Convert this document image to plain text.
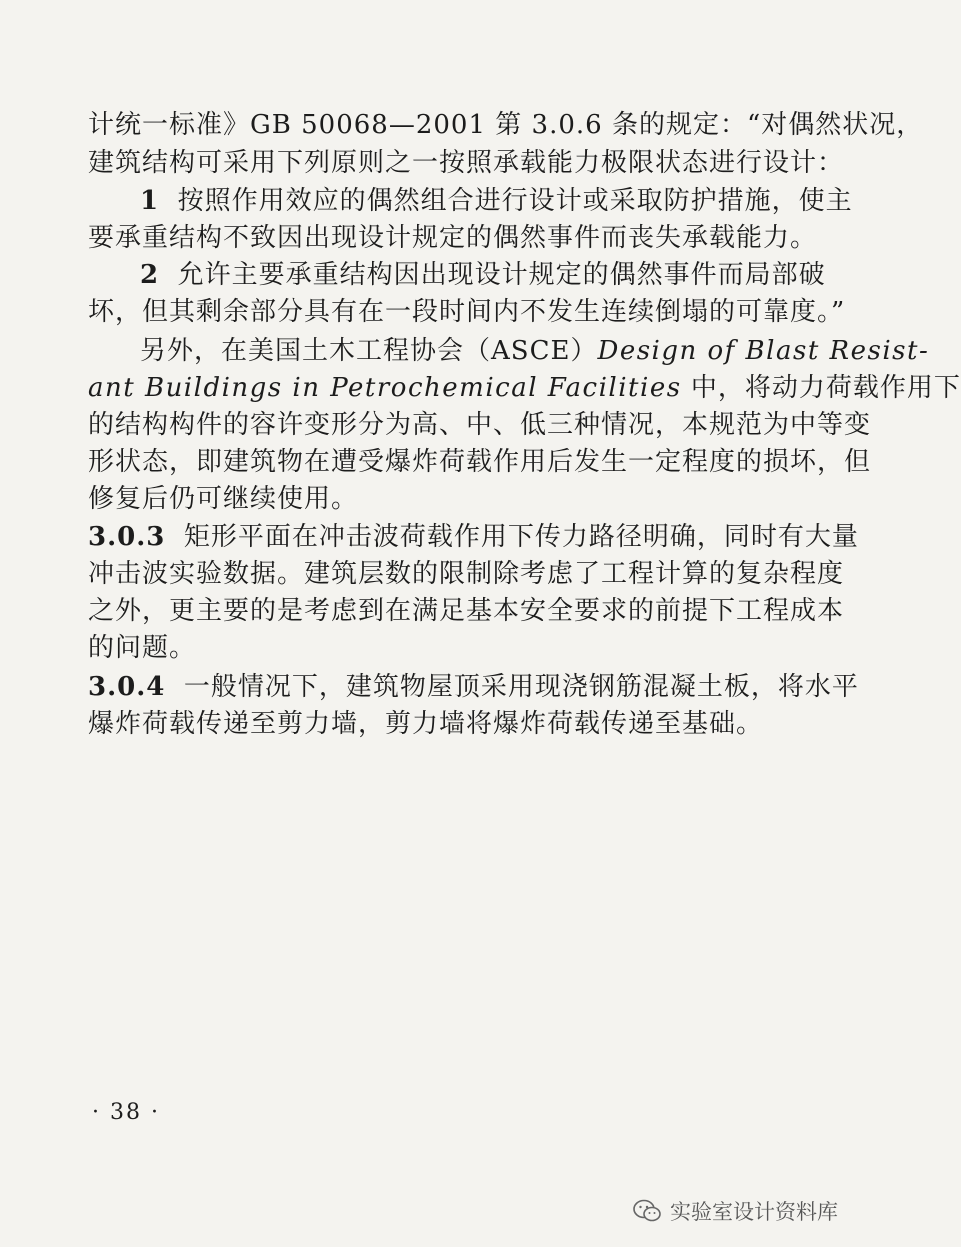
计统一标准》GB 50068—2001 第 3.0.6 条的规定：“对偶然状况，
建筑结构可采用下列原则之一按照承载能力极限状态进行设计：
1 按照作用效应的偶然组合进行设计或采取防护措施，使主
要承重结构不致因出现设计规定的偶然事件而丧失承载能力。
2 允许主要承重结构因出现设计规定的偶然事件而局部破
坏，但其剩余部分具有在一段时间内不发生连续倒塌的可靠度。”
另外，在美国土木工程协会（ASCE）Design of Blast Resist-
ant Buildings in Petrochemical Facilities 中，将动力荷载作用下
的结构构件的容许变形分为高、中、低三种情况，本规范为中等变
形状态，即建筑物在遭受爆炸荷载作用后发生一定程度的损坏，但
修复后仍可继续使用。
3.0.3 矩形平面在冲击波荷载作用下传力路径明确，同时有大量
冲击波实验数据。建筑层数的限制除考虑了工程计算的复杂程度
之外，更主要的是考虑到在满足基本安全要求的前提下工程成本
的问题。
3.0.4 一般情况下，建筑物屋顶采用现浇钢筋混凝土板，将水平
爆炸荷载传递至剪力墙，剪力墙将爆炸荷载传递至基础。
· 38 ·
实验室设计资料库
